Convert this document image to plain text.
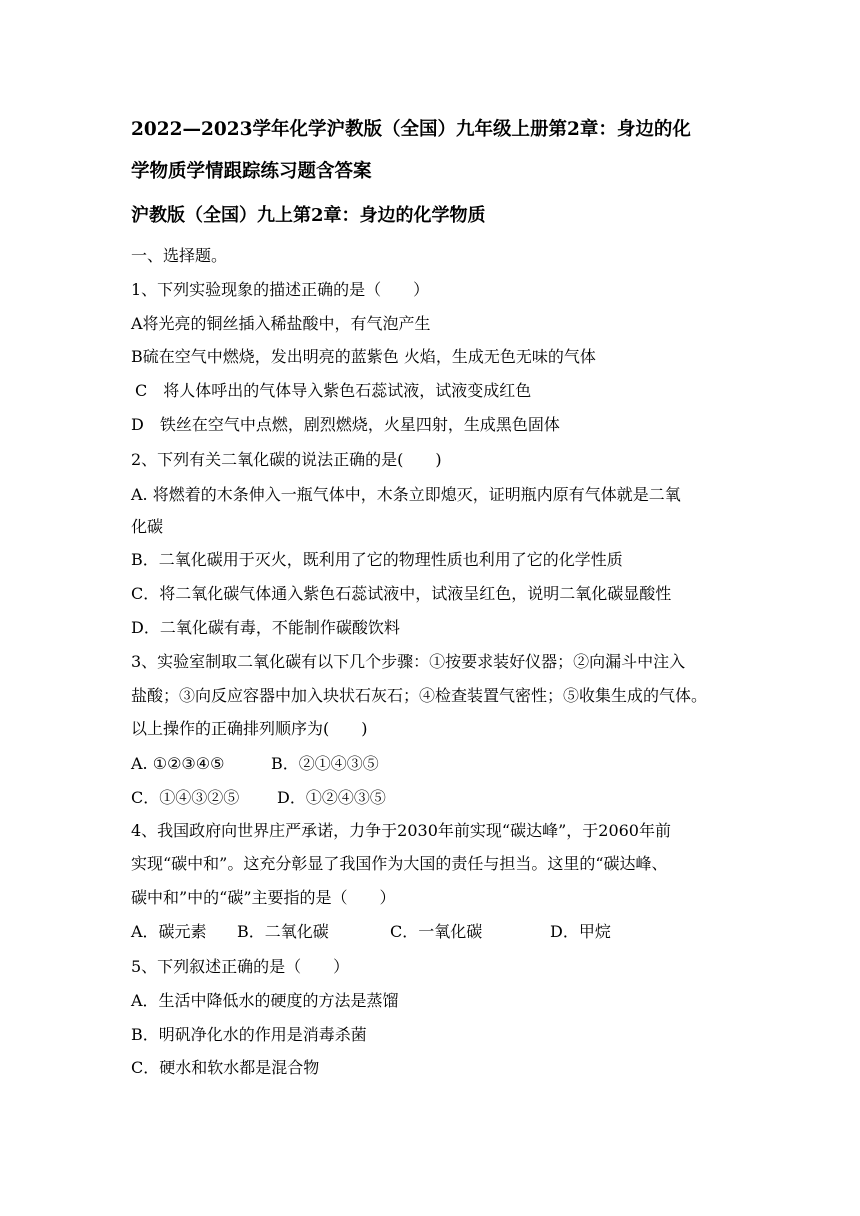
2022—2023学年化学沪教版（全国）九年级上册第2章：身边的化
学物质学情跟踪练习题含答案
沪教版（全国）九上第2章：身边的化学物质
一、选择题。
1、下列实验现象的描述正确的是（　　）
A将光亮的铜丝插入稀盐酸中，有气泡产生
B硫在空气中燃烧，发出明亮的蓝紫色 火焰，生成无色无味的气体
C　将人体呼出的气体导入紫色石蕊试液，试液变成红色
D　铁丝在空气中点燃，剧烈燃烧，火星四射，生成黑色固体
2、下列有关二氧化碳的说法正确的是(　　)
A. 将燃着的木条伸入一瓶气体中，木条立即熄灭，证明瓶内原有气体就是二氧
化碳
B．二氧化碳用于灭火，既利用了它的物理性质也利用了它的化学性质
C．将二氧化碳气体通入紫色石蕊试液中，试液呈红色，说明二氧化碳显酸性
D．二氧化碳有毒，不能制作碳酸饮料
3、实验室制取二氧化碳有以下几个步骤：①按要求装好仪器；②向漏斗中注入
盐酸；③向反应容器中加入块状石灰石；④检查装置气密性；⑤收集生成的气体。
以上操作的正确排列顺序为(　　)
A. ①②③④⑤	B．②①④③⑤
C．①④③②⑤ D．①②④③⑤
4、我国政府向世界庄严承诺，力争于2030年前实现“碳达峰”，于2060年前
实现“碳中和”。这充分彰显了我国作为大国的责任与担当。这里的“碳达峰、
碳中和”中的“碳”主要指的是（　　）
A．碳元素 B．二氧化碳	C．一氧化碳	D．甲烷
5、下列叙述正确的是（　　）
A．生活中降低水的硬度的方法是蒸馏
B．明矾净化水的作用是消毒杀菌
C．硬水和软水都是混合物
